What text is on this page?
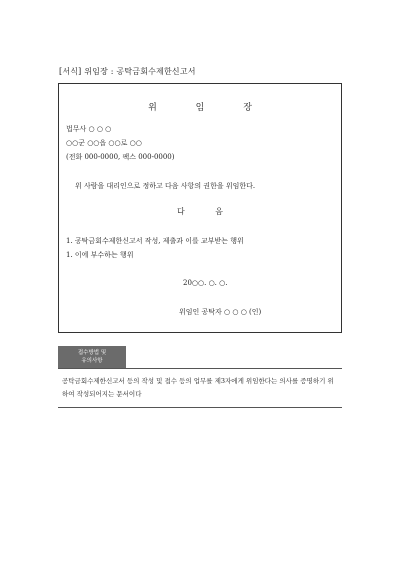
[서식] 위임장 : 공탁금회수제한신고서
위 임 장
법무사 ○ ○ ○
○○군 ○○읍 ○○로 ○○
(전화 000-0000, 팩스 000-0000)
위 사람을 대리인으로 정하고 다음 사항의 권한을 위임한다.
다 음
1. 공탁금회수제한신고서 작성, 제출과 이를 교부받는 행위
1. 이에 부수하는 행위
20○○. ○. ○.
위임인 공탁자 ○ ○ ○ (인)
접수방법 및
유의사항
공탁금회수제한신고서 등의 작성 및 접수 등의 업무를 제3자에게 위임한다는 의사를 증명하기 위하여 작성되어지는 문서이다
